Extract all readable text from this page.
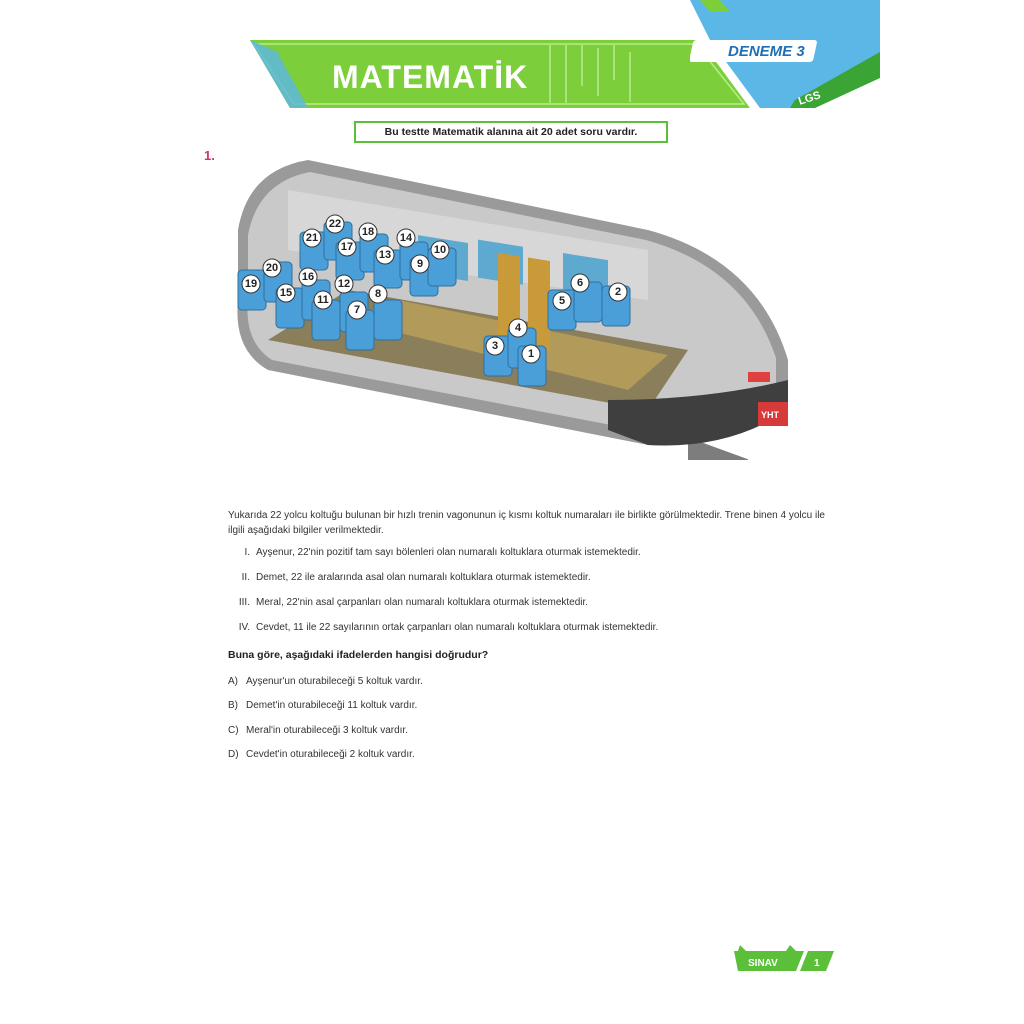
MATEMATİK
DENEME 3
LGS
Bu testte Matematik alanına ait 20 adet soru vardır.
1.
YHT
1
2
3
4
5
6
7
8
9
10
11
12
13
14
15
16
17
18
19
20
21
22

Yukarıda 22 yolcu koltuğu bulunan bir hızlı trenin vagonunun iç kısmı koltuk numaraları ile birlikte görülmektedir. Trene binen 4 yolcu ile ilgili aşağıdaki bilgiler verilmektedir.

I. Ayşenur, 22'nin pozitif tam sayı bölenleri olan numaralı koltuklara oturmak istemektedir.
II. Demet, 22 ile aralarında asal olan numaralı koltuklara oturmak istemektedir.
III. Meral, 22'nin asal çarpanları olan numaralı koltuklara oturmak istemektedir.
IV. Cevdet, 11 ile 22 sayılarının ortak çarpanları olan numaralı koltuklara oturmak istemektedir.
Buna göre, aşağıdaki ifadelerden hangisi doğrudur?
A) Ayşenur'un oturabileceği 5 koltuk vardır.
B) Demet'in oturabileceği 11 koltuk vardır.
C) Meral'in oturabileceği 3 koltuk vardır.
D) Cevdet'in oturabileceği 2 koltuk vardır.
SINAV	1
